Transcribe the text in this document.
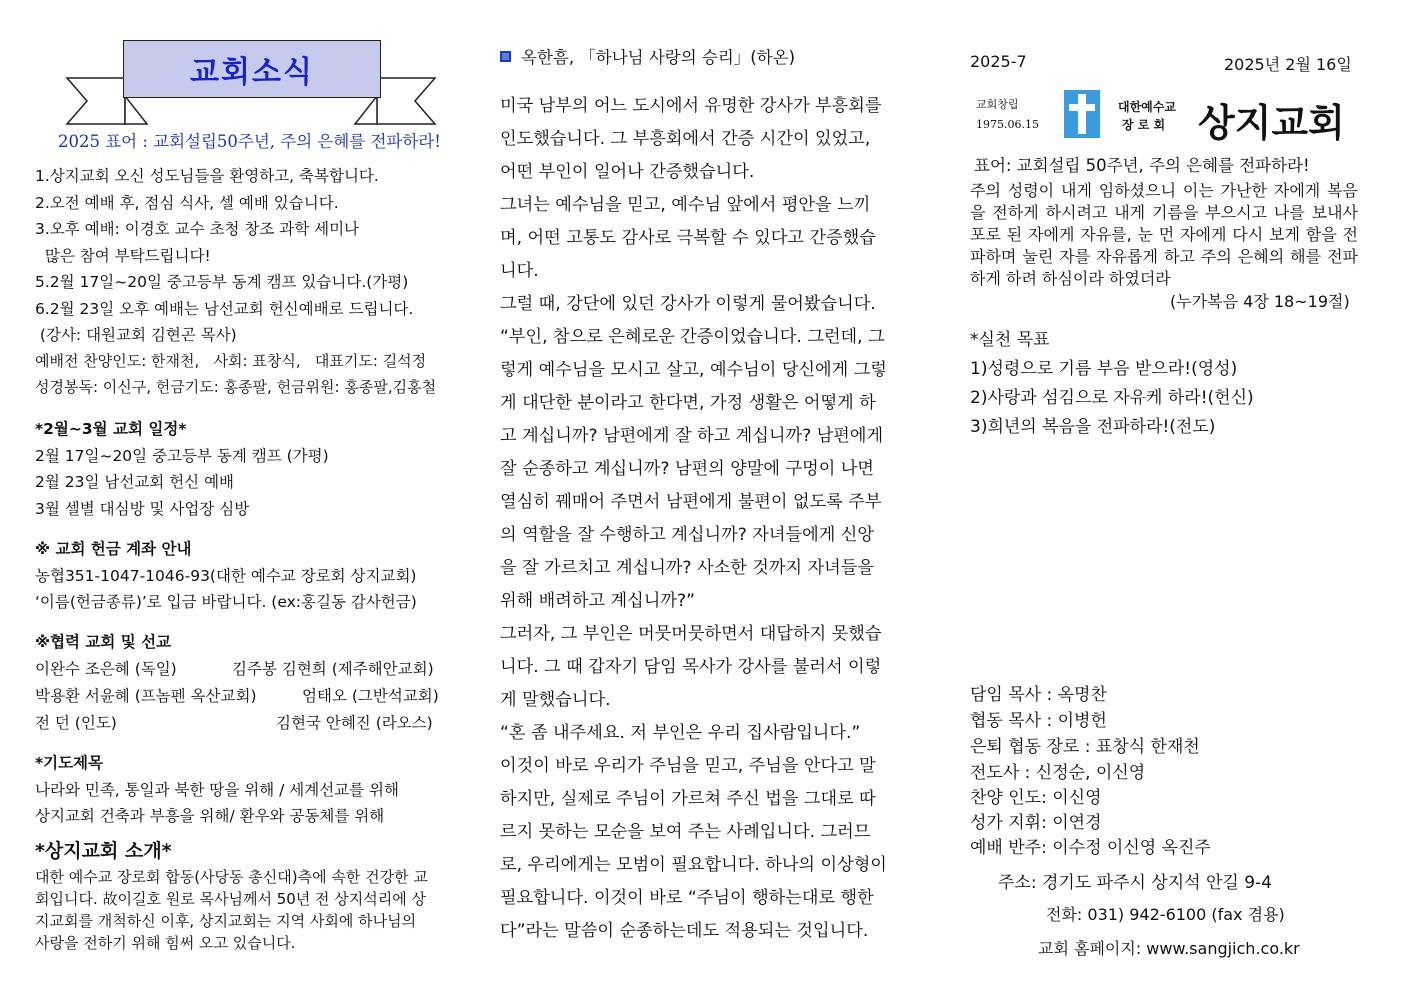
교회소식
2025 표어 : 교회설립50주년, 주의 은혜를 전파하라!
1.상지교회 오신 성도님들을 환영하고, 축복합니다.
2.오전 예배 후, 점심 식사, 셀 예배 있습니다.
3.오후 예배: 이경호 교수 초청 창조 과학 세미나
많은 참여 부탁드립니다!
5.2월 17일~20일 중고등부 동계 캠프 있습니다.(가평)
6.2월 23일 오후 예배는 남선교회 헌신예배로 드립니다.
(강사: 대원교회 김현곤 목사)
예배전 찬양인도: 한재천,   사회: 표창식,   대표기도: 길석정
성경봉독: 이신구, 헌금기도: 홍종팔, 헌금위원: 홍종팔,김홍철
*2월~3월 교회 일정*
2월 17일~20일 중고등부 동계 캠프 (가평)
2월 23일 남선교회 헌신 예배
3월 셀별 대심방 및 사업장 심방
※ 교회 헌금 계좌 안내
농협351-1047-1046-93(대한 예수교 장로회 상지교회)
‘이름(헌금종류)’로 입금 바랍니다. (ex:홍길동 감사헌금)
※협력 교회 및 선교
이완수 조은혜 (독일)	김주봉 김현희 (제주해안교회)
박용환 서윤혜 (프놈펜 옥산교회)	엄태오 (그반석교회)
전 던 (인도)	김현국 안혜진 (라오스)
*기도제목
나라와 민족, 통일과 북한 땅을 위해 / 세계선교를 위해
상지교회 건축과 부흥을 위해/ 환우와 공동체를 위해
*상지교회 소개*
대한 예수교 장로회 합동(사당동 총신대)측에 속한 건강한 교
회입니다. 故이길호 원로 목사님께서 50년 전 상지석리에 상
지교회를 개척하신 이후, 상지교회는 지역 사회에 하나님의
사랑을 전하기 위해 힘써 오고 있습니다.
옥한흠, 「하나님 사랑의 승리」(하온)

미국 남부의 어느 도시에서 유명한 강사가 부흥회를

인도했습니다. 그 부흥회에서 간증 시간이 있었고,

어떤 부인이 일어나 간증했습니다.

그녀는 예수님을 믿고, 예수님 앞에서 평안을 느끼

며, 어떤 고통도 감사로 극복할 수 있다고 간증했습

니다.

그럴 때, 강단에 있던 강사가 이렇게 물어봤습니다.

“부인, 참으로 은혜로운 간증이었습니다. 그런데, 그

렇게 예수님을 모시고 살고, 예수님이 당신에게 그렇

게 대단한 분이라고 한다면, 가정 생활은 어떻게 하

고 계십니까? 남편에게 잘 하고 계십니까? 남편에게

잘 순종하고 계십니까? 남편의 양말에 구멍이 나면

열심히 꿰매어 주면서 남편에게 불편이 없도록 주부

의 역할을 잘 수행하고 계십니까? 자녀들에게 신앙

을 잘 가르치고 계십니까? 사소한 것까지 자녀들을

위해 배려하고 계십니까?”

그러자, 그 부인은 머뭇머뭇하면서 대답하지 못했습

니다. 그 때 갑자기 담임 목사가 강사를 불러서 이렇

게 말했습니다.

“혼 좀 내주세요. 저 부인은 우리 집사람입니다.”

이것이 바로 우리가 주님을 믿고, 주님을 안다고 말

하지만, 실제로 주님이 가르쳐 주신 법을 그대로 따

르지 못하는 모순을 보여 주는 사례입니다. 그러므

로, 우리에게는 모범이 필요합니다. 하나의 이상형이

필요합니다. 이것이 바로 “주님이 행하는대로 행한

다”라는 말씀이 순종하는데도 적용되는 것입니다.

2025-7	2025년 2월 16일
교회창립
1975.06.15
대한예수교
장 로 회 상지교회
표어: 교회설립 50주년, 주의 은혜를 전파하라!
주의 성령이 내게 임하셨으니 이는 가난한 자에게 복음을 전하게 하시려고 내게 기름을 부으시고 나를 보내사 포로 된 자에게 자유를, 눈 먼 자에게 다시 보게 함을 전파하며 눌린 자를 자유롭게 하고 주의 은혜의 해를 전파하게 하려 하심이라 하였더라
(누가복음 4장 18~19절)
*실천 목표
1)성령으로 기름 부음 받으라!(영성)
2)사랑과 섬김으로 자유케 하라!(헌신)
3)희년의 복음을 전파하라!(전도)
담임 목사 : 옥명찬
협동 목사 : 이병헌
은퇴 협동 장로 : 표창식 한재천
전도사 : 신정순, 이신영
찬양 인도: 이신영
성가 지휘: 이연경
예배 반주: 이수정 이신영 옥진주
주소: 경기도 파주시 상지석 안길 9-4
전화: 031) 942-6100 (fax 겸용)
교회 홈페이지: www.sangjich.co.kr
